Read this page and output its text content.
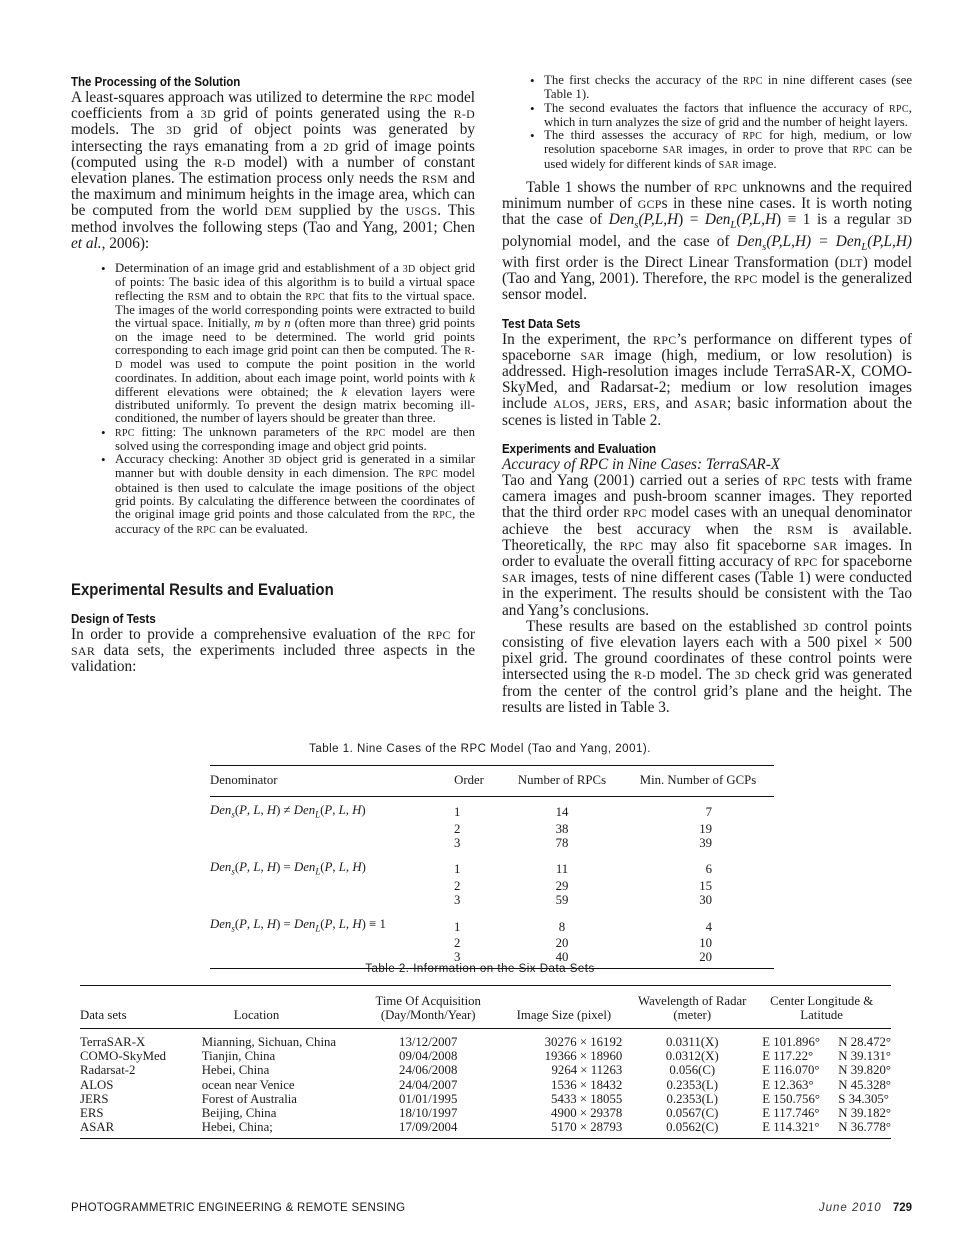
The Processing of the Solution

A least-squares approach was utilized to determine the RPC model coefficients from a 3D grid of points generated using the R-D models. The 3D grid of object points was generated by intersecting the rays emanating from a 2D grid of image points (computed using the R-D model) with a number of constant elevation planes. The estimation process only needs the RSM and the maximum and minimum heights in the image area, which can be computed from the world DEM supplied by the USGS. This method involves the following steps (Tao and Yang, 2001; Chen et al., 2006):

• Determination of an image grid and establishment of a 3D object grid of points: The basic idea of this algorithm is to build a virtual space reflecting the RSM and to obtain the RPC that fits to the virtual space. The images of the world corresponding points were extracted to build the virtual space. Initially, m by n (often more than three) grid points on the image need to be determined. The world grid points corresponding to each image grid point can then be computed. The R-D model was used to compute the point position in the world coordinates. In addition, about each image point, world points with k different elevations were obtained; the k elevation layers were distributed uniformly. To prevent the design matrix becoming ill-conditioned, the number of layers should be greater than three.
• RPC fitting: The unknown parameters of the RPC model are then solved using the corresponding image and object grid points.
• Accuracy checking: Another 3D object grid is generated in a similar manner but with double density in each dimension. The RPC model obtained is then used to calculate the image positions of the object grid points. By calculating the difference between the coordinates of the original image grid points and those calculated from the RPC, the accuracy of the RPC can be evaluated.
Experimental Results and Evaluation
Design of Tests

In order to provide a comprehensive evaluation of the RPC for SAR data sets, the experiments included three aspects in the validation:

• The first checks the accuracy of the RPC in nine different cases (see Table 1).
• The second evaluates the factors that influence the accuracy of RPC, which in turn analyzes the size of grid and the number of height layers.
• The third assesses the accuracy of RPC for high, medium, or low resolution spaceborne SAR images, in order to prove that RPC can be used widely for different kinds of SAR image.

Table 1 shows the number of RPC unknowns and the required minimum number of GCPs in these nine cases. It is worth noting that the case of Den$_s$(P,L,H) = Den$_L$(P,L,H) ≡ 1 is a regular 3D polynomial model, and the case of Den$_s$(P,L,H) = Den$_L$(P,L,H) with first order is the Direct Linear Transformation (DLT) model (Tao and Yang, 2001). Therefore, the RPC model is the generalized sensor model.

Test Data Sets

In the experiment, the RPC’s performance on different types of spaceborne SAR image (high, medium, or low resolution) is addressed. High-resolution images include TerraSAR-X, COMO-SkyMed, and Radarsat-2; medium or low resolution images include ALOS, JERS, ERS, and ASAR; basic information about the scenes is listed in Table 2.

Experiments and Evaluation

Accuracy of RPC in Nine Cases: TerraSAR-X

Tao and Yang (2001) carried out a series of RPC tests with frame camera images and push-broom scanner images. They reported that the third order RPC model cases with an unequal denominator achieve the best accuracy when the RSM is available. Theoretically, the RPC may also fit spaceborne SAR images. In order to evaluate the overall fitting accuracy of RPC for spaceborne SAR images, tests of nine different cases (Table 1) were conducted in the experiment. The results should be consistent with the Tao and Yang’s conclusions.

These results are based on the established 3D control points consisting of five elevation layers each with a 500 pixel × 500 pixel grid. The ground coordinates of these control points were intersected using the R-D model. The 3D check grid was generated from the center of the control grid’s plane and the height. The results are listed in Table 3.

Table 1. Nine Cases of the RPC Model (Tao and Yang, 2001).
Denominator	Order	Number of RPCs	Min. Number of GCPs
Den$_s$(P, L, H) ≠ Den$_L$(P, L, H)	1	14	7
	2	38	19
	3	78	39
Den$_s$(P, L, H) = Den$_L$(P, L, H)	1	11	6
	2	29	15
	3	59	30
Den$_s$(P, L, H) = Den$_L$(P, L, H) ≡ 1	1	8	4
	2	20	10
	3	40	20
Table 2. Information on the Six Data Sets
Data sets	Location	Time Of Acquisition (Day/Month/Year)	Image Size (pixel)	Wavelength of Radar (meter)	Center Longitude & Latitude
TerraSAR-X	Mianning, Sichuan, China	13/12/2007	30276 × 16192	0.0311(X)	E 101.896° N 28.472°
COMO-SkyMed	Tianjin, China	09/04/2008	19366 × 18960	0.0312(X)	E 117.22° N 39.131°
Radarsat-2	Hebei, China	24/06/2008	9264 × 11263	0.056(C)	E 116.070° N 39.820°
ALOS	ocean near Venice	24/04/2007	1536 × 18432	0.2353(L)	E 12.363° N 45.328°
JERS	Forest of Australia	01/01/1995	5433 × 18055	0.2353(L)	E 150.756° S 34.305°
ERS	Beijing, China	18/10/1997	4900 × 29378	0.0567(C)	E 117.746° N 39.182°
ASAR	Hebei, China;	17/09/2004	5170 × 28793	0.0562(C)	E 114.321° N 36.778°
PHOTOGRAMMETRIC ENGINEERING & REMOTE SENSING	June 2010 729
